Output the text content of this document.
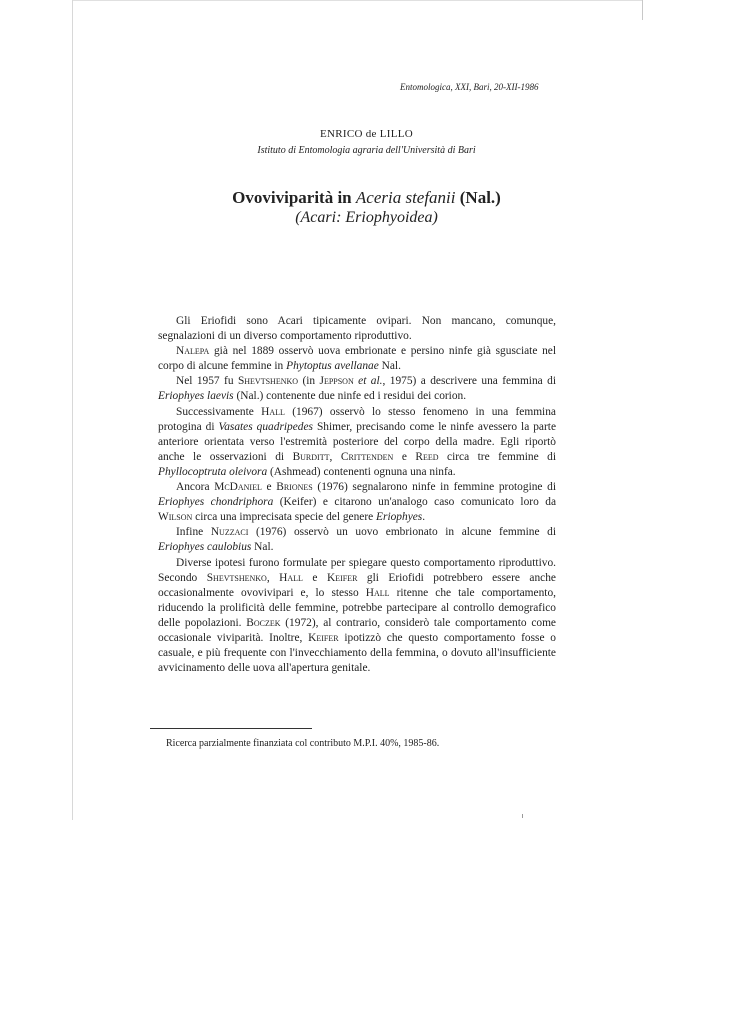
Entomologica, XXI, Bari, 20-XII-1986
ENRICO de LILLO
Istituto di Entomologia agraria dell'Università di Bari
Ovoviviparità in Aceria stefanii (Nal.)
(Acari: Eriophyoidea)

Gli Eriofidi sono Acari tipicamente ovipari. Non mancano, comunque, segnalazioni di un diverso comportamento riproduttivo.

Nalepa già nel 1889 osservò uova embrionate e persino ninfe già sgusciate nel corpo di alcune femmine in Phytoptus avellanae Nal.

Nel 1957 fu Shevtshenko (in Jeppson et al., 1975) a descrivere una femmina di Eriophyes laevis (Nal.) contenente due ninfe ed i residui dei corion.

Successivamente Hall (1967) osservò lo stesso fenomeno in una femmina protogina di Vasates quadripedes Shimer, precisando come le ninfe avessero la parte anteriore orientata verso l'estremità posteriore del corpo della madre. Egli riportò anche le osservazioni di Burditt, Crittenden e Reed circa tre femmine di Phyllocoptruta oleivora (Ashmead) contenenti ognuna una ninfa.

Ancora McDaniel e Briones (1976) segnalarono ninfe in femmine protogine di Eriophyes chondriphora (Keifer) e citarono un'analogo caso comunicato loro da Wilson circa una imprecisata specie del genere Eriophyes.

Infine Nuzzaci (1976) osservò un uovo embrionato in alcune femmine di Eriophyes caulobius Nal.

Diverse ipotesi furono formulate per spiegare questo comportamento riproduttivo. Secondo Shevtshenko, Hall e Keifer gli Eriofidi potrebbero essere anche occasionalmente ovovivipari e, lo stesso Hall ritenne che tale comportamento, riducendo la prolificità delle femmine, potrebbe partecipare al controllo demografico delle popolazioni. Boczek (1972), al contrario, considerò tale comportamento come occasionale viviparità. Inoltre, Keifer ipotizzò che questo comportamento fosse o casuale, e più frequente con l'invecchiamento della femmina, o dovuto all'insufficiente avvicinamento delle uova all'apertura genitale.

Ricerca parzialmente finanziata col contributo M.P.I. 40%, 1985-86.
